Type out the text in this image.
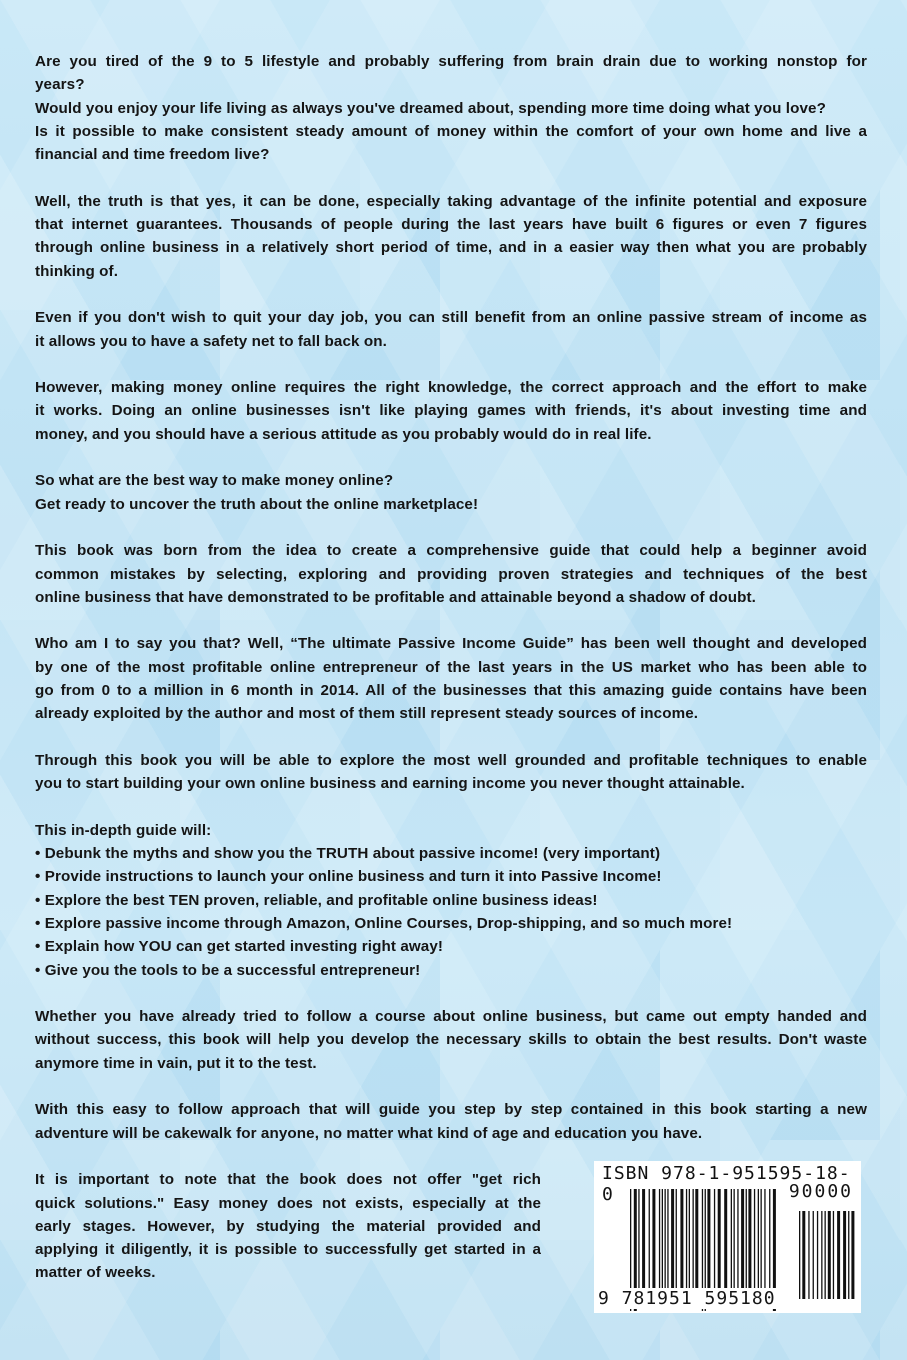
Are you tired of the 9 to 5 lifestyle and probably suffering from brain drain due to working nonstop for
years?
Would you enjoy your life living as always you've dreamed about, spending more time doing what you love?
Is it possible to make consistent steady amount of money within the comfort of your own home and live a
financial and time freedom live?
Well, the truth is that yes, it can be done, especially taking advantage of the infinite potential and exposure
that internet guarantees. Thousands of people during the last years have built 6 figures or even 7 figures
through online business in a relatively short period of time, and in a easier way then what you are probably
thinking of.
Even if you don't wish to quit your day job, you can still benefit from an online passive stream of income as
it allows you to have a safety net to fall back on.
However, making money online requires the right knowledge, the correct approach and the effort to make
it works. Doing an online businesses isn't like playing games with friends, it's about investing time and
money, and you should have a serious attitude as you probably would do in real life.
So what are the best way to make money online?
Get ready to uncover the truth about the online marketplace!
This book was born from the idea to create a comprehensive guide that could help a beginner avoid
common mistakes by selecting, exploring and providing proven strategies and techniques of the best
online business that have demonstrated to be profitable and attainable beyond a shadow of doubt.
Who am I to say you that? Well, “The ultimate Passive Income Guide” has been well thought and developed
by one of the most profitable online entrepreneur of the last years in the US market who has been able to
go from 0 to a million in 6 month in 2014. All of the businesses that this amazing guide contains have been
already exploited by the author and most of them still represent steady sources of income.
Through this book you will be able to explore the most well grounded and profitable techniques to enable
you to start building your own online business and earning income you never thought attainable.
This in-depth guide will:
• Debunk the myths and show you the TRUTH about passive income! (very important)
• Provide instructions to launch your online business and turn it into Passive Income!
• Explore the best TEN proven, reliable, and profitable online business ideas!
• Explore passive income through Amazon, Online Courses, Drop-shipping, and so much more!
• Explain how YOU can get started investing right away!
• Give you the tools to be a successful entrepreneur!
Whether you have already tried to follow a course about online business, but came out empty handed and
without success, this book will help you develop the necessary skills to obtain the best results. Don't waste
anymore time in vain, put it to the test.
With this easy to follow approach that will guide you step by step contained in this book starting a new
adventure will be cakewalk for anyone, no matter what kind of age and education you have.
It is important to note that the book does not offer "get rich
quick solutions." Easy money does not exists, especially at the
early stages. However, by studying the material provided and
applying it diligently, it is possible to successfully get started in a
matter of weeks.
ISBN 978-1-951595-18-0	90000
9 781951 595180
